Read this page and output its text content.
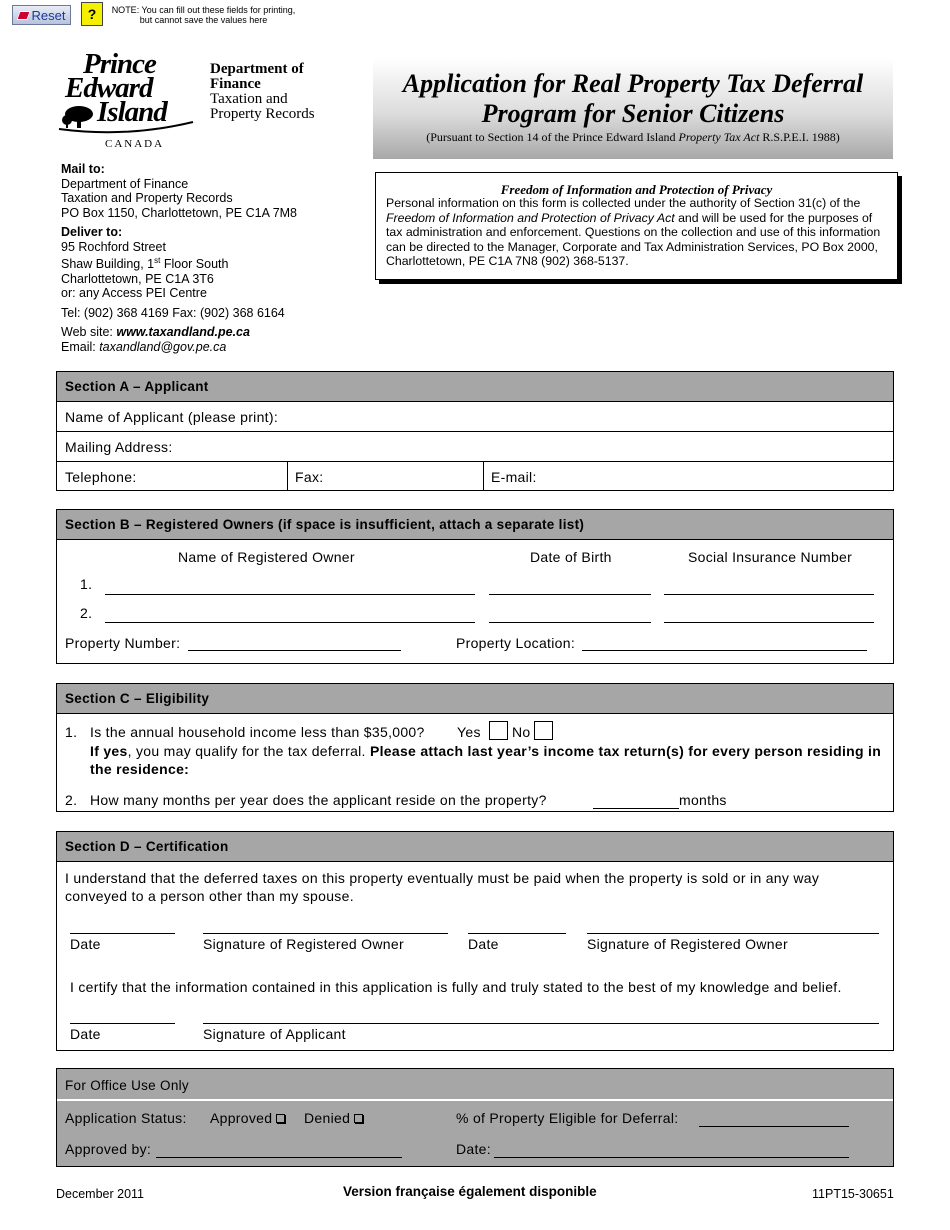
Reset	?	NOTE: You can fill out these fields for printing, but cannot save the values here
Prince
Edward
Island
CANADA
Department of
Finance
Taxation and
Property Records

Mail to:
Department of Finance
Taxation and Property Records
PO Box 1150, Charlottetown, PE C1A 7M8

Deliver to:
95 Rochford Street
Shaw Building, 1st Floor South
Charlottetown, PE C1A 3T6
or: any Access PEI Centre

Tel: (902) 368 4169 Fax: (902) 368 6164

Web site: www.taxandland.pe.ca
Email: taxandland@gov.pe.ca

Application for Real Property Tax Deferral
Program for Senior Citizens
(Pursuant to Section 14 of the Prince Edward Island Property Tax Act R.S.P.E.I. 1988)
Freedom of Information and Protection of Privacy
Personal information on this form is collected under the authority of Section 31(c) of the Freedom of Information and Protection of Privacy Act and will be used for the purposes of tax administration and enforcement. Questions on the collection and use of this information can be directed to the Manager, Corporate and Tax Administration Services, PO Box 2000, Charlottetown, PE C1A 7N8 (902) 368-5137.
Section A – Applicant
Name of Applicant (please print):
Mailing Address:
Telephone:	Fax:	E-mail:
Section B – Registered Owners (if space is insufficient, attach a separate list)
Name of Registered Owner	Date of Birth	Social Insurance Number
1.
2.
Property Number:	Property Location:
Section C – Eligibility
1. Is the annual household income less than $35,000? Yes No
If yes, you may qualify for the tax deferral. Please attach last year’s income tax return(s) for every person residing in the residence:
2. How many months per year does the applicant reside on the property?	months
Section D – Certification
I understand that the deferred taxes on this property eventually must be paid when the property is sold or in any way conveyed to a person other than my spouse.
Date	Signature of Registered Owner	Date	Signature of Registered Owner
I certify that the information contained in this application is fully and truly stated to the best of my knowledge and belief.
Date	Signature of Applicant
For Office Use Only
Application Status: Approved	Denied	% of Property Eligible for Deferral:
Approved by:	Date:
December 2011	Version française également disponible	11PT15-30651
